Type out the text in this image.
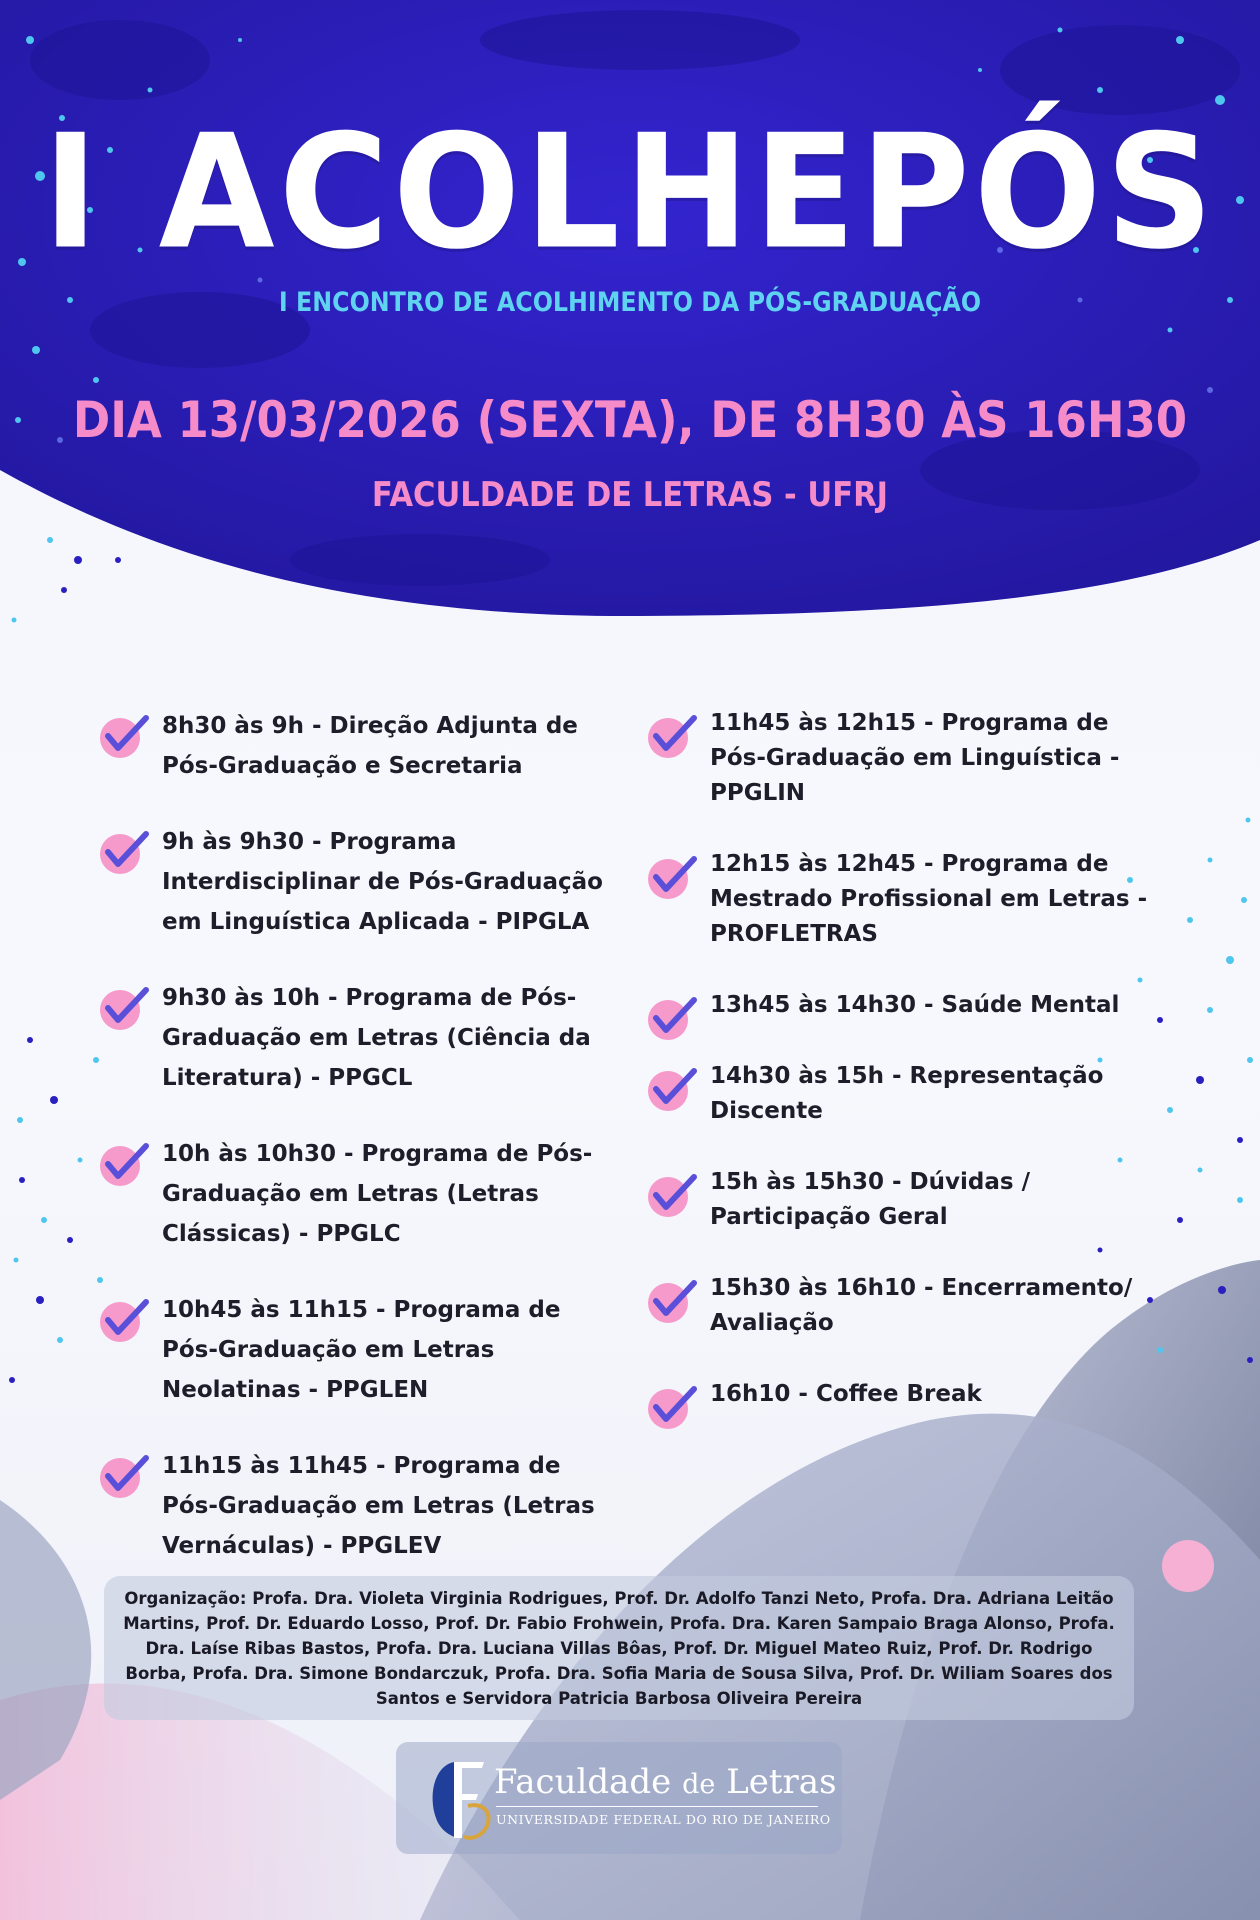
I ACOLHEPÓS
I ENCONTRO DE ACOLHIMENTO DA PÓS-GRADUAÇÃO
DIA 13/03/2026 (SEXTA), DE 8H30 ÀS 16H30
FACULDADE DE LETRAS - UFRJ
8h30 às 9h - Direção Adjunta de Pós-Graduação e Secretaria
9h às 9h30 - Programa Interdisciplinar de Pós-Graduação em Linguística Aplicada - PIPGLA
9h30 às 10h - Programa de Pós-Graduação em Letras (Ciência da Literatura) - PPGCL
10h às 10h30 - Programa de Pós-Graduação em Letras (Letras Clássicas) - PPGLC
10h45 às 11h15 - Programa de Pós-Graduação em Letras Neolatinas - PPGLEN
11h15 às 11h45 - Programa de Pós-Graduação em Letras (Letras Vernáculas) - PPGLEV
11h45 às 12h15 - Programa de Pós-Graduação em Linguística - PPGLIN
12h15 às 12h45 - Programa de Mestrado Profissional em Letras - PROFLETRAS
13h45 às 14h30 - Saúde Mental
14h30 às 15h - Representação Discente
15h às 15h30 - Dúvidas / Participação Geral
15h30 às 16h10 - Encerramento/ Avaliação
16h10 - Coffee Break
Organização: Profa. Dra. Violeta Virginia Rodrigues, Prof. Dr. Adolfo Tanzi Neto, Profa. Dra. Adriana Leitão Martins, Prof. Dr. Eduardo Losso, Prof. Dr. Fabio Frohwein, Profa. Dra. Karen Sampaio Braga Alonso, Profa. Dra. Laíse Ribas Bastos, Profa. Dra. Luciana Villas Bôas, Prof. Dr. Miguel Mateo Ruiz, Prof. Dr. Rodrigo Borba, Profa. Dra. Simone Bondarczuk, Profa. Dra. Sofia Maria de Sousa Silva, Prof. Dr. Wiliam Soares dos Santos e Servidora Patricia Barbosa Oliveira Pereira
Faculdade de Letras
UNIVERSIDADE FEDERAL DO RIO DE JANEIRO
